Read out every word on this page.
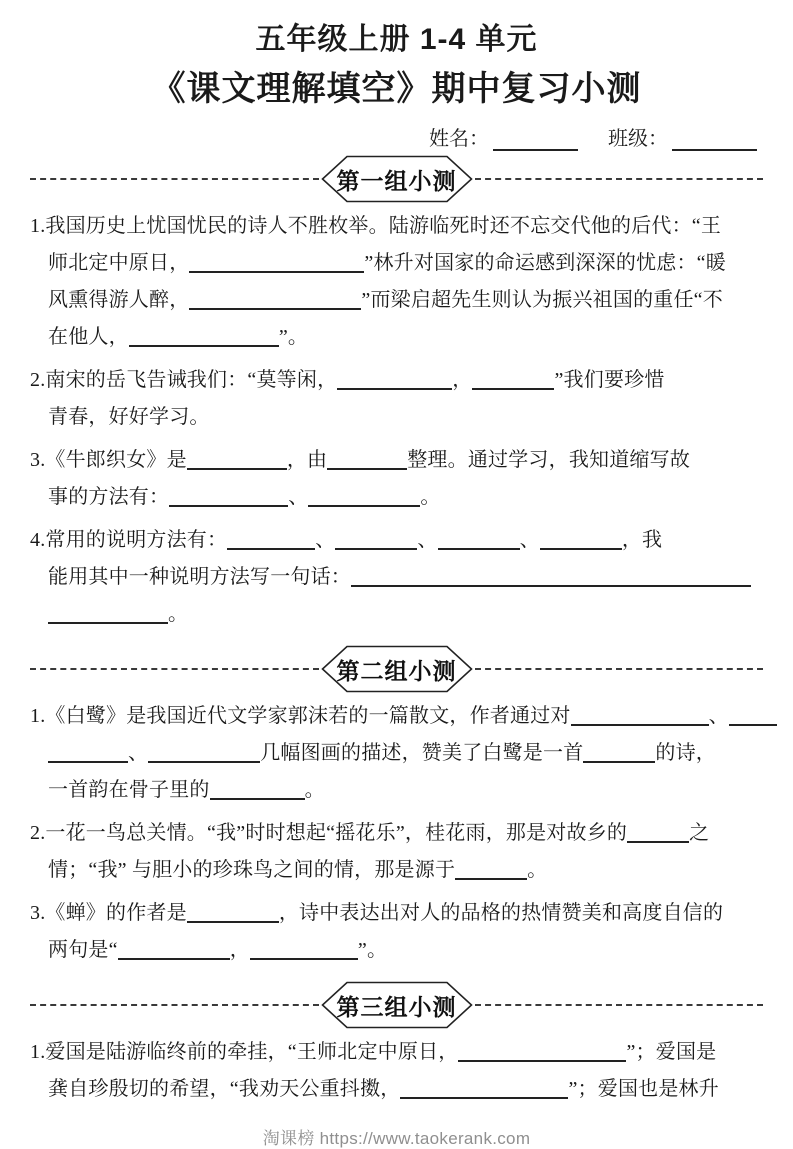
五年级上册 1-4 单元
《课文理解填空》期中复习小测
姓名：	班级：
第一组小测
1.我国历史上忧国忧民的诗人不胜枚举。陆游临死时还不忘交代他的后代：“王
师北定中原日，	”林升对国家的命运感到深深的忧虑：“暖
风熏得游人醉，	”而梁启超先生则认为振兴祖国的重任“不
在他人，	”。
2.南宋的岳飞告诫我们：“莫等闲，	，	”我们要珍惜
青春，好好学习。
3.《牛郎织女》是	，由	整理。通过学习，我知道缩写故
事的方法有：	、	。
4.常用的说明方法有：	、	、	、	，我
能用其中一种说明方法写一句话：
。
第二组小测
1.《白鹭》是我国近代文学家郭沫若的一篇散文，作者通过对	、
、	几幅图画的描述，赞美了白鹭是一首	的诗，
一首韵在骨子里的	。
2.一花一鸟总关情。“我”时时想起“摇花乐”，桂花雨，那是对故乡的	之
情；“我” 与胆小的珍珠鸟之间的情，那是源于	。
3.《蝉》的作者是	，诗中表达出对人的品格的热情赞美和高度自信的
两句是“	，	”。
第三组小测
1.爱国是陆游临终前的牵挂，“王师北定中原日，	”；爱国是
龚自珍殷切的希望，“我劝天公重抖擞，	”；爱国也是林升
淘课榜 https://www.taokerank.com
